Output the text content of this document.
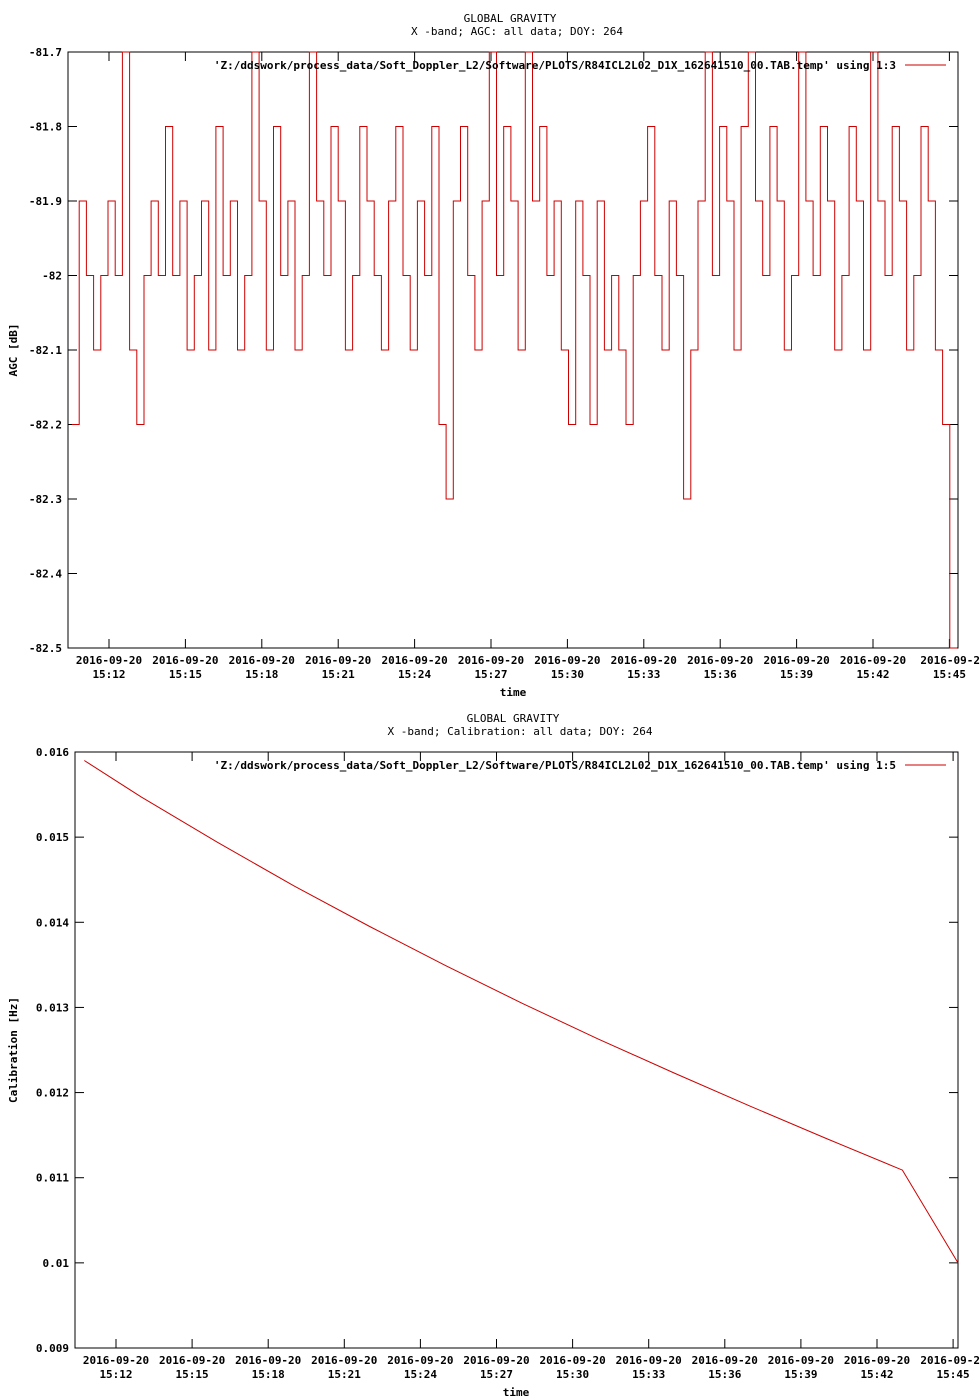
GLOBAL GRAVITY
X -band; AGC: all data; DOY: 264
-81.7
-81.8
-81.9
-82
-82.1
-82.2
-82.3
-82.4
-82.5
2016-09-20
15:12
2016-09-20
15:15
2016-09-20
15:18
2016-09-20
15:21
2016-09-20
15:24
2016-09-20
15:27
2016-09-20
15:30
2016-09-20
15:33
2016-09-20
15:36
2016-09-20
15:39
2016-09-20
15:42
2016-09-2
15:45
AGC [dB]
time
'Z:/ddswork/process_data/Soft_Doppler_L2/Software/PLOTS/R84ICL2L02_D1X_162641510_00.TAB.temp' using 1:3
GLOBAL GRAVITY
X -band; Calibration: all data; DOY: 264
0.016
0.015
0.014
0.013
0.012
0.011
0.01
0.009
2016-09-20
15:12
2016-09-20
15:15
2016-09-20
15:18
2016-09-20
15:21
2016-09-20
15:24
2016-09-20
15:27
2016-09-20
15:30
2016-09-20
15:33
2016-09-20
15:36
2016-09-20
15:39
2016-09-20
15:42
2016-09-2
15:45
Calibration [Hz]
time
'Z:/ddswork/process_data/Soft_Doppler_L2/Software/PLOTS/R84ICL2L02_D1X_162641510_00.TAB.temp' using 1:5
